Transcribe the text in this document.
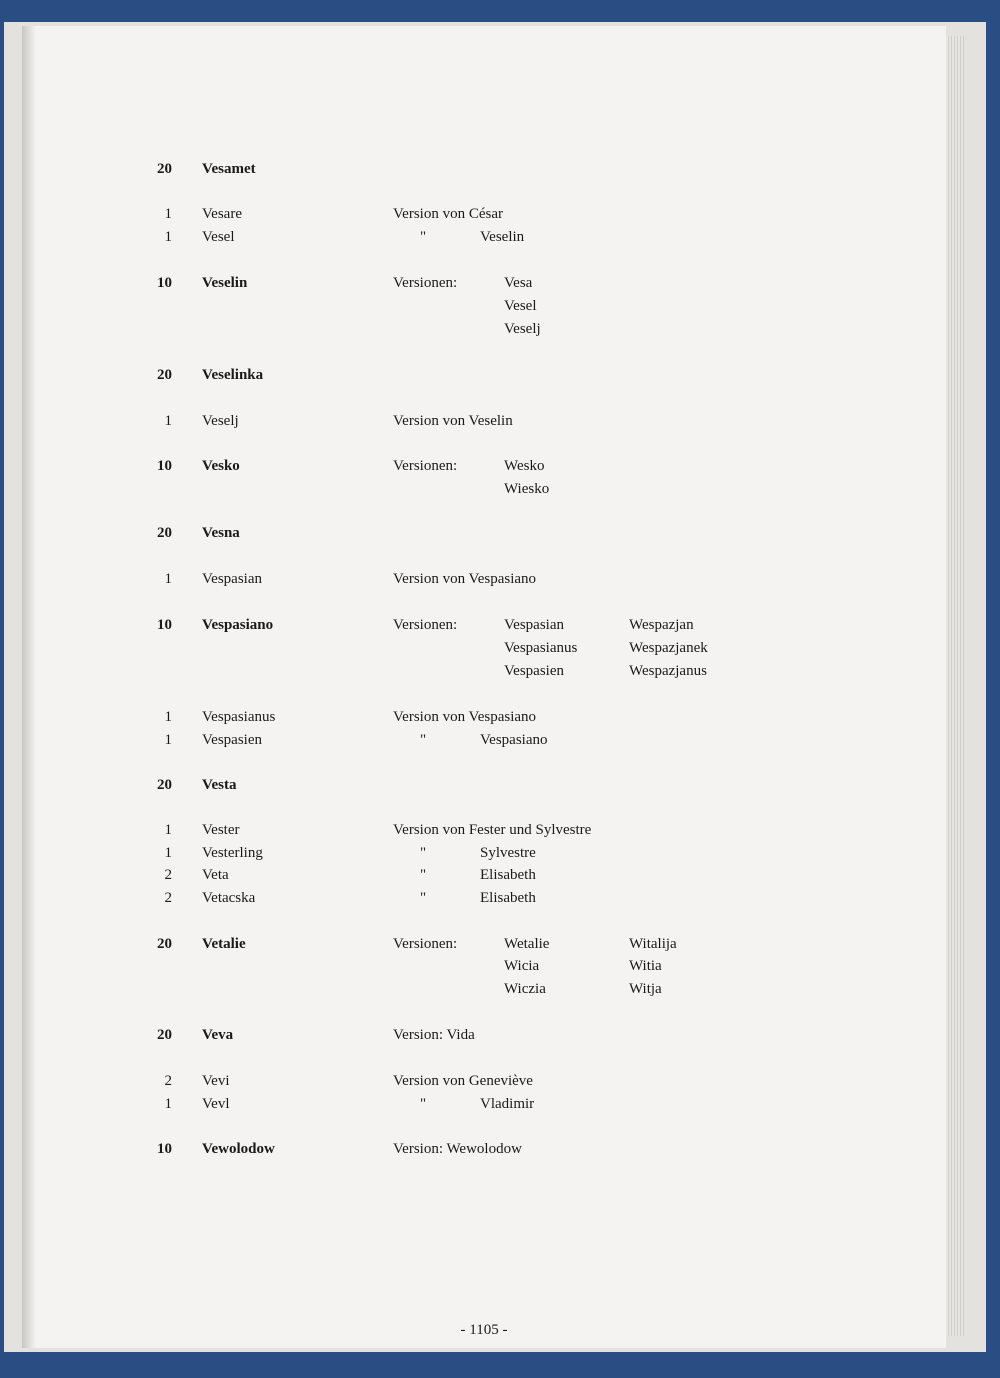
20 Vesamet
1 Vesare	Version von César
1 Vesel	"	Veselin
10 Veselin	Versionen:	Vesa
Vesel
Veselj
20 Veselinka
1 Veselj	Version von Veselin
10 Vesko	Versionen:	Wesko
Wiesko
20 Vesna
1 Vespasian	Version von Vespasiano
10 Vespasiano	Versionen:	Vespasian	Wespazjan
Vespasianus	Wespazjanek
Vespasien	Wespazjanus
1 Vespasianus	Version von Vespasiano
1 Vespasien	"	Vespasiano
20 Vesta
1 Vester	Version von Fester und Sylvestre
1 Vesterling	"	Sylvestre
2 Veta	"	Elisabeth
2 Vetacska	"	Elisabeth
20 Vetalie	Versionen:	Wetalie	Witalija
Wicia	Witia
Wiczia	Witja
20 Veva	Version: Vida
2 Vevi	Version von Geneviève
1 Vevl	"	Vladimir
10 Vewolodow	Version: Wewolodow
- 1105 -
